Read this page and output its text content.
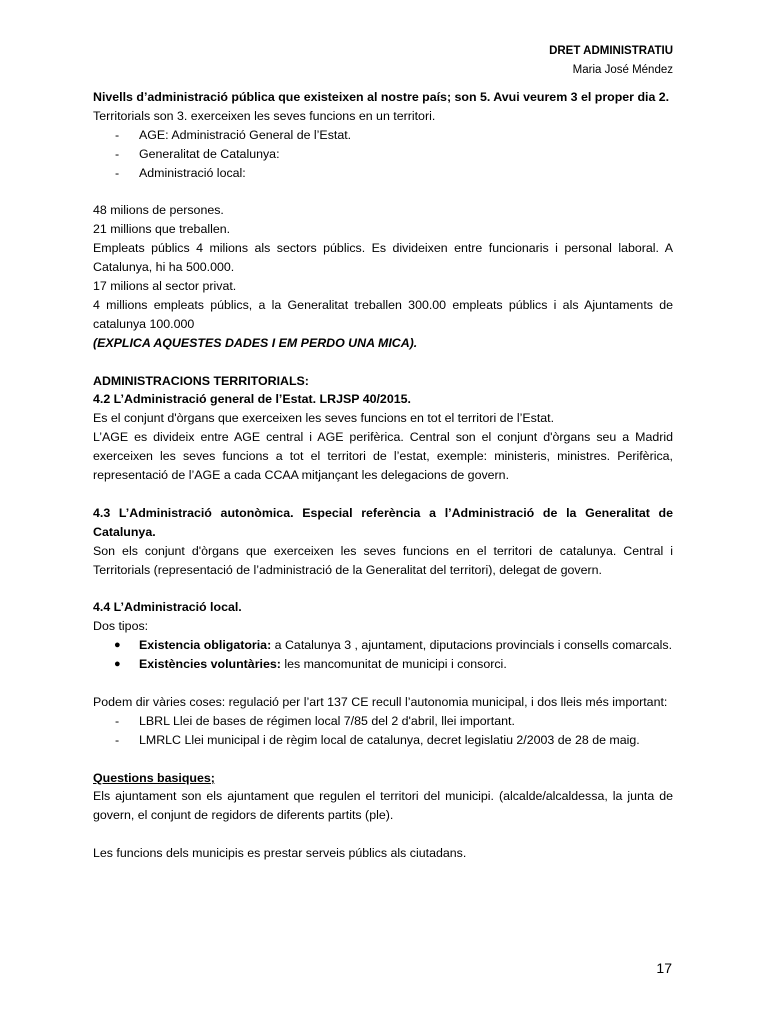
DRET ADMINISTRATIU
Maria José Méndez

Nivells d’administració pública que existeixen al nostre país; son 5. Avui veurem 3 el proper dia 2.

Territorials son 3. exerceixen les seves funcions en un territori.

- AGE: Administració General de l’Estat.
- Generalitat de Catalunya:
- Administració local:

48 milions de persones.

21 millions que treballen.

Empleats públics 4 milions als sectors públics. Es divideixen entre funcionaris i personal laboral. A Catalunya, hi ha 500.000.

17 milions al sector privat.

4 millions empleats públics, a la Generalitat treballen 300.00 empleats públics i als Ajuntaments de catalunya 100.000

(EXPLICA AQUESTES DADES I EM PERDO UNA MICA).

ADMINISTRACIONS TERRITORIALS:

4.2 L’Administració general de l’Estat. LRJSP 40/2015.

Es el conjunt d'òrgans que exerceixen les seves funcions en tot el territori de l’Estat.

L’AGE es divideix entre AGE central i AGE perifèrica. Central son el conjunt d'òrgans seu a Madrid exerceixen les seves funcions a tot el territori de l’estat, exemple: ministeris, ministres. Perifèrica, representació de l’AGE a cada CCAA mitjançant les delegacions de govern.

4.3 L’Administració autonòmica. Especial referència a l’Administració de la Generalitat de Catalunya.

Son els conjunt d'òrgans que exerceixen les seves funcions en el territori de catalunya. Central i Territorials (representació de l’administració de la Generalitat del territori), delegat de govern.

4.4 L’Administració local.

Dos tipos:

● Existencia obligatoria: a Catalunya 3 , ajuntament, diputacions provincials i consells comarcals.
● Existències voluntàries: les mancomunitat de municipi i consorci.

Podem dir vàries coses: regulació per l’art 137 CE recull l’autonomia municipal, i dos lleis més important:

- LBRL Llei de bases de régimen local 7/85 del 2 d'abril, llei important.
- LMRLC Llei municipal i de règim local de catalunya, decret legislatiu 2/2003 de 28 de maig.

Questions basiques;

Els ajuntament son els ajuntament que regulen el territori del municipi. (alcalde/alcaldessa, la junta de govern, el conjunt de regidors de diferents partits (ple).

Les funcions dels municipis es prestar serveis públics als ciutadans.

17
